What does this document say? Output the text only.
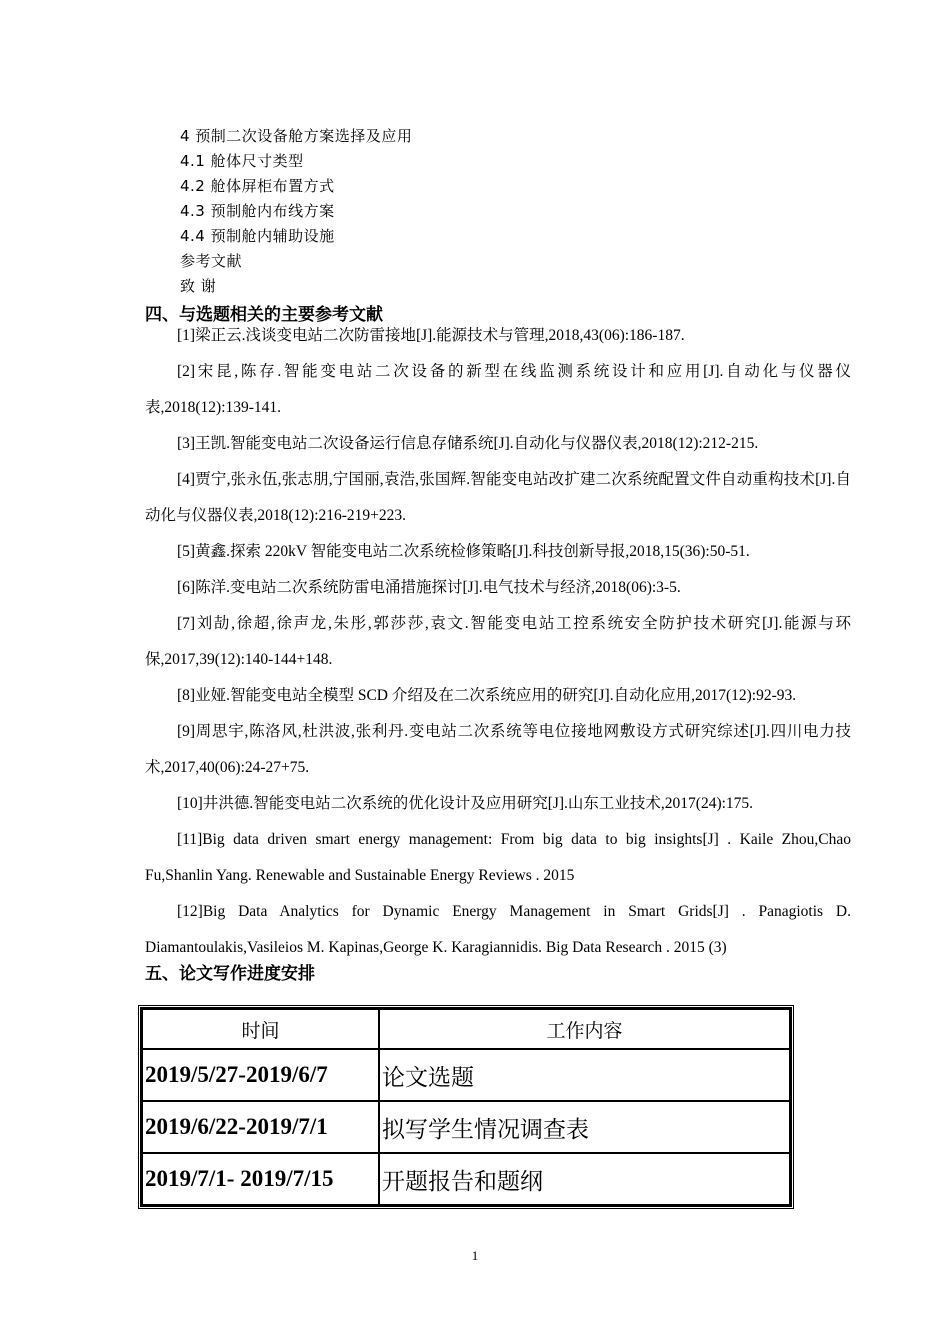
4 预制二次设备舱方案选择及应用
4.1 舱体尺寸类型
4.2 舱体屏柜布置方式
4.3 预制舱内布线方案
4.4 预制舱内辅助设施
参考文献
致 谢
四、与选题相关的主要参考文献

[1]梁正云.浅谈变电站二次防雷接地[J].能源技术与管理,2018,43(06):186-187.

[2]宋昆,陈存.智能变电站二次设备的新型在线监测系统设计和应用[J].自动化与仪器仪表,2018(12):139-141.

[3]王凯.智能变电站二次设备运行信息存储系统[J].自动化与仪器仪表,2018(12):212-215.

[4]贾宁,张永伍,张志朋,宁国丽,袁浩,张国辉.智能变电站改扩建二次系统配置文件自动重构技术[J].自动化与仪器仪表,2018(12):216-219+223.

[5]黄鑫.探索 220kV 智能变电站二次系统检修策略[J].科技创新导报,2018,15(36):50-51.

[6]陈洋.变电站二次系统防雷电涌措施探讨[J].电气技术与经济,2018(06):3-5.

[7]刘劼,徐超,徐声龙,朱彤,郭莎莎,袁文.智能变电站工控系统安全防护技术研究[J].能源与环保,2017,39(12):140-144+148.

[8]业娅.智能变电站全模型 SCD 介绍及在二次系统应用的研究[J].自动化应用,2017(12):92-93.

[9]周思宇,陈洛风,杜洪波,张利丹.变电站二次系统等电位接地网敷设方式研究综述[J].四川电力技术,2017,40(06):24-27+75.

[10]井洪德.智能变电站二次系统的优化设计及应用研究[J].山东工业技术,2017(24):175.

[11]Big data driven smart energy management: From big data to big insights[J] . Kaile Zhou,Chao Fu,Shanlin Yang. Renewable and Sustainable Energy Reviews . 2015

[12]Big Data Analytics for Dynamic Energy Management in Smart Grids[J] . Panagiotis D. Diamantoulakis,Vasileios M. Kapinas,George K. Karagiannidis. Big Data Research . 2015 (3)

五、论文写作进度安排
时间	工作内容
2019/5/27-2019/6/7	论文选题
2019/6/22-2019/7/1	拟写学生情况调查表
2019/7/1- 2019/7/15	开题报告和题纲
1
